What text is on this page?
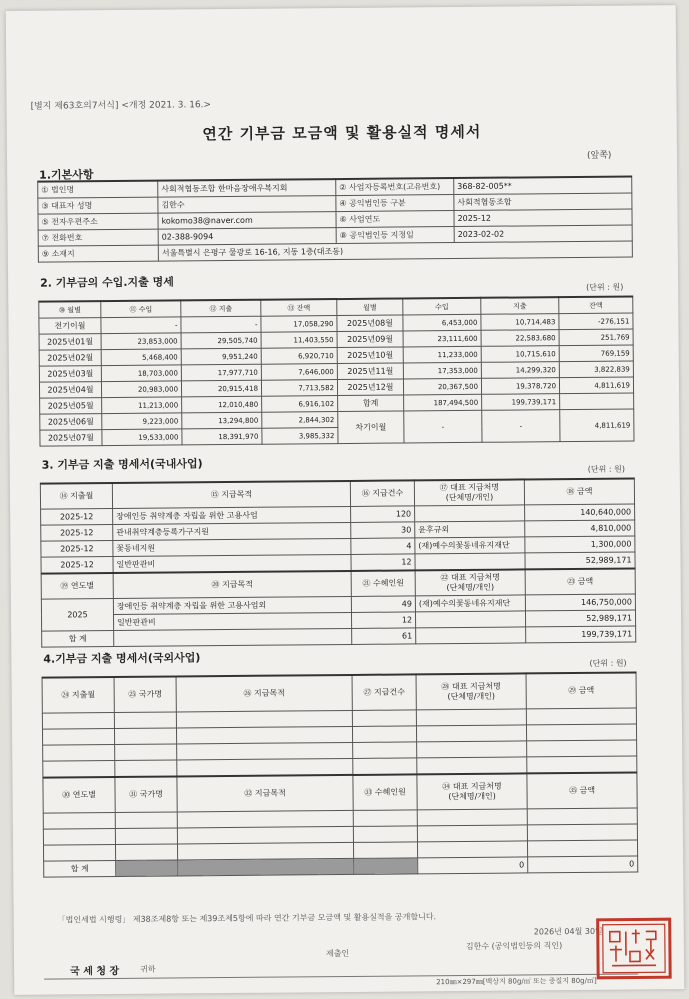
[별지 제63호의7서식] <개정 2021. 3. 16.>
연간 기부금 모금액 및 활용실적 명세서
(앞쪽)
1.기본사항
① 법인명	사회적협동조합 한마음장애우복지회	② 사업자등록번호(고유번호)	368-82-005**
③ 대표자 성명	김한수	④ 공익법인등 구분	사회적협동조합
⑤ 전자우편주소	kokomo38@naver.com	⑥ 사업연도	2025-12
⑦ 전화번호	02-388-9094	⑧ 공익법인등 지정일	2023-02-02
⑨ 소재지	서울특별시 은평구 물광로 16-16, 지동 1층(대조동)		
2. 기부금의 수입.지출 명세	(단위 : 원)
⑩ 월별	⑪ 수입	⑫ 지출	⑬ 잔액	월별	수입	지출	잔액
전기이월	-	-	17,058,290	2025년08월	6,453,000	10,714,483	-276,151
2025년01월	23,853,000	29,505,740	11,403,550	2025년09월	23,111,600	22,583,680	251,769
2025년02월	5,468,400	9,951,240	6,920,710	2025년10월	11,233,000	10,715,610	769,159
2025년03월	18,703,000	17,977,710	7,646,000	2025년11월	17,353,000	14,299,320	3,822,839
2025년04월	20,983,000	20,915,418	7,713,582	2025년12월	20,367,500	19,378,720	4,811,619
2025년05월	11,213,000	12,010,480	6,916,102	합계	187,494,500	199,739,171	
2025년06월	9,223,000	13,294,800	2,844,302	차기이월	-	-	4,811,619
2025년07월	19,533,000	18,391,970	3,985,332				
3. 기부금 지출 명세서(국내사업)	(단위 : 원)
⑭ 지출월	⑮ 지급목적	⑯ 지급건수	⑰ 대표 지급처명
(단체명/개인)	⑱ 금액
2025-12	장애인등 취약계층 자립을 위한 고용사업	120		140,640,000
2025-12	관내취약계층등록가구지원	30	윤후규외	4,810,000
2025-12	꽃동네지원	4	(재)예수의꽃동네유지재단	1,300,000
2025-12	일반판관비	12		52,989,171
⑲ 연도별	⑳ 지급목적	㉑ 수혜인원	㉒ 대표 지급처명
(단체명/개인)	㉓ 금액
2025	장애인등 취약계층 자립을 위한 고용사업외	49	(재)예수의꽃동네유지재단	146,750,000
	일반판관비	12		52,989,171
합 계		61		199,739,171
4.기부금 지출 명세서(국외사업)	(단위 : 원)
㉔ 지출월	㉕ 국가명	㉖ 지급목적	㉗ 지급건수	㉘ 대표 지급처명
(단체명/개인)	㉙ 금액

㉚ 연도별	㉛ 국가명	㉜ 지급목적	㉝ 수혜인원	㉞ 대표 지급처명
(단체명/개인)	㉟ 금액

합 계				0	0
「법인세법 시행령」 제38조제8항 또는 제39조제5항에 따라 연간 기부금 모금액 및 활용실적을 공개합니다.
2026년 04월 30일
제출인
김한수 (공익법인등의 직인)
국 세 청 장	귀하
210㎜×297㎜[백상지 80g/㎡ 또는 중질지 80g/㎡]
